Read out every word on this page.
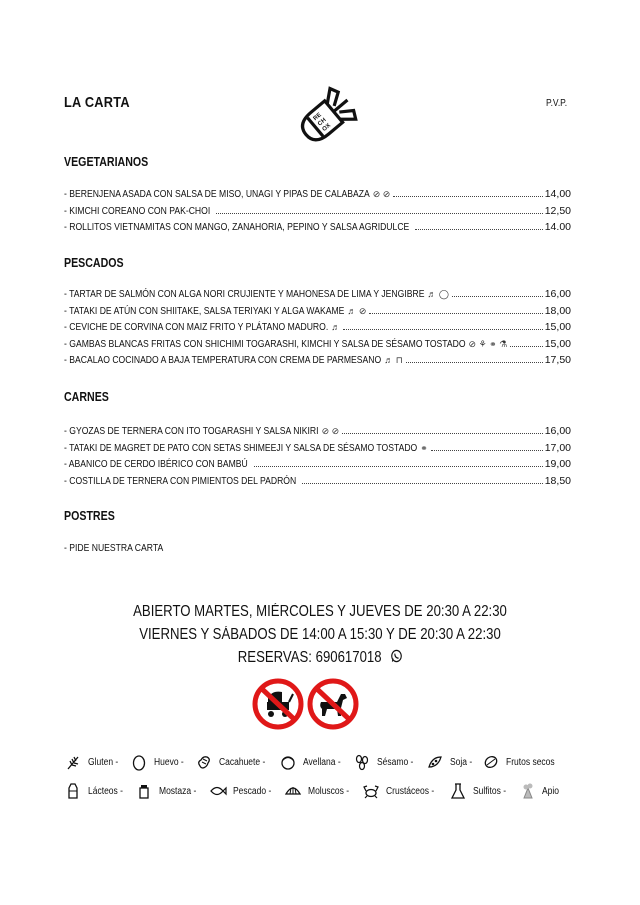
LA CARTA	P.V.P.
RE
CH
OX
VEGETARIANOS
- BERENJENA ASADA CON SALSA DE MISO, UNAGI Y PIPAS DE CALABAZA ⊘ ⊘	14,00
- KIMCHI COREANO CON PAK-CHOI	12,50
- ROLLITOS VIETNAMITAS CON MANGO, ZANAHORIA, PEPINO Y SALSA AGRIDULCE	14.00
PESCADOS
- TARTAR DE SALMÓN CON ALGA NORI CRUJIENTE Y MAHONESA DE LIMA Y JENGIBRE ♬ ◯	16,00
- TATAKI DE ATÚN CON SHIITAKE, SALSA TERIYAKI Y ALGA WAKAME ♬ ⊘	18,00
- CEVICHE DE CORVINA CON MAIZ FRITO Y PLÁTANO MADURO. ♬	15,00
- GAMBAS BLANCAS FRITAS CON SHICHIMI TOGARASHI, KIMCHI Y SALSA DE SÉSAMO TOSTADO ⊘ ⚘ ⚭ ⚗	15,00
- BACALAO COCINADO A BAJA TEMPERATURA CON CREMA DE PARMESANO ♬ ⊓	17,50
CARNES
- GYOZAS DE TERNERA CON ITO TOGARASHI Y SALSA NIKIRI ⊘ ⊘	16,00
- TATAKI DE MAGRET DE PATO CON SETAS SHIMEEJI Y SALSA DE SÉSAMO TOSTADO ⚭	17,00
- ABANICO DE CERDO IBÉRICO CON BAMBÚ	19,00
- COSTILLA DE TERNERA CON PIMIENTOS DEL PADRÓN	18,50
POSTRES
- PIDE NUESTRA CARTA
ABIERTO MARTES, MIÉRCOLES Y JUEVES DE 20:30 A 22:30
VIERNES Y SÁBADOS DE 14:00 A 15:30 Y DE 20:30 A 22:30
RESERVAS: 690617018
Gluten -	Huevo -	Cacahuete -	Avellana -	Sésamo -	Soja -	Frutos secos
Lácteos -	Mostaza -	Pescado -	Moluscos -	Crustáceos -	Sulfitos -	Apio
